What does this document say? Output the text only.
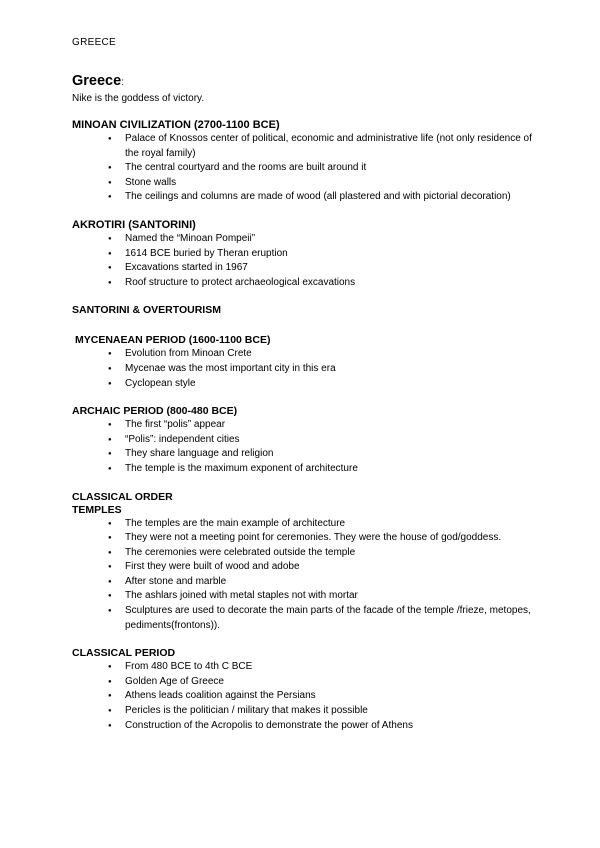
GREECE
Greece:
Nike is the goddess of victory.
MINOAN CIVILIZATION (2700-1100 BCE)
● Palace of Knossos center of political, economic and administrative life (not only residence of the royal family)
● The central courtyard and the rooms are built around it
● Stone walls
● The ceilings and columns are made of wood (all plastered and with pictorial decoration)
AKROTIRI (SANTORINI)
● Named the “Minoan Pompeii”
● 1614 BCE buried by Theran eruption
● Excavations started in 1967
● Roof structure to protect archaeological excavations
SANTORINI & OVERTOURISM
MYCENAEAN PERIOD (1600-1100 BCE)
● Evolution from Minoan Crete
● Mycenae was the most important city in this era
● Cyclopean style
ARCHAIC PERIOD (800-480 BCE)
● The first “polis” appear
● “Polis”: independent cities
● They share language and religion
● The temple is the maximum exponent of architecture
CLASSICAL ORDER
TEMPLES
● The temples are the main example of architecture
● They were not a meeting point for ceremonies. They were the house of god/goddess.
● The ceremonies were celebrated outside the temple
● First they were built of wood and adobe
● After stone and marble
● The ashlars joined with metal staples not with mortar
● Sculptures are used to decorate the main parts of the facade of the temple /frieze, metopes, pediments(frontons)).
CLASSICAL PERIOD
● From 480 BCE to 4th C BCE
● Golden Age of Greece
● Athens leads coalition against the Persians
● Pericles is the politician / military that makes it possible
● Construction of the Acropolis to demonstrate the power of Athens
